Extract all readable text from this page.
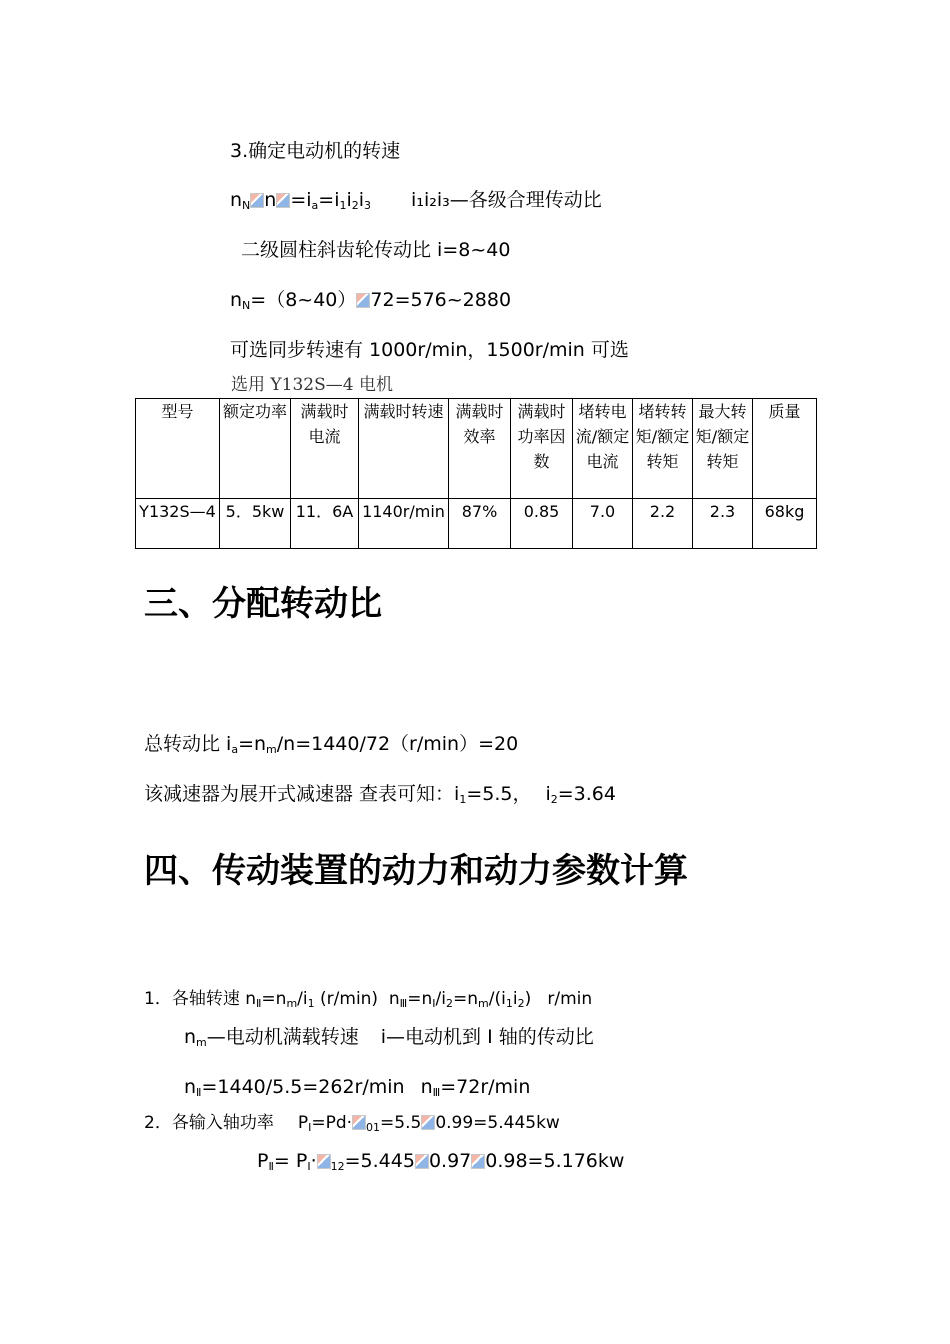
3.确定电动机的转速
$n_N$ $n =i_a=i_1i_2i_3$ i₁i₂i₃—各级合理传动比
二级圆柱斜齿轮传动比 i=8~40
$n_N=(8\sim 40)$ 72=576~2880
可选同步转速有 1000r/min，1500r/min 可选
选用 Y132S—4 电机
型号	额定功率	满载时电流	满载时转速	满载时效率	满载时功率因数	堵转电流/额定电流	堵转转矩/额定转矩	最大转矩/额定转矩	质量
Y132S—4	5．5kw	11．6A	1140r/min	87%	0.85	7.0	2.2	2.3	68kg
三、分配转动比
总转动比 $i_a=n_m/n=1440/72(r/\min)=20$
该减速器为展开式减速器 查表可知：$i_1=5.5$， $i_2=3.64$
四、传动装置的动力和动力参数计算
1．各轴转速 $n_Ⅱ=n_m/i_1$ (r/min)  $n_Ⅲ=n_Ⅰ/i_2=n_m/(i_1i_2)$   r/min
$n_m—$电动机满载转速 i—电动机到 I 轴的传动比
$n_Ⅱ=1440/5.5=262r/\min$ $n_Ⅲ=72r/\min$
2．各输入轴功率 $P_Ⅰ=Pd\cdot _{01}=5.5$ 0.99=5.445kw
$P_Ⅱ= P_Ⅰ\cdot _{12}=5.445$ 0.97 0.98=5.176kw
